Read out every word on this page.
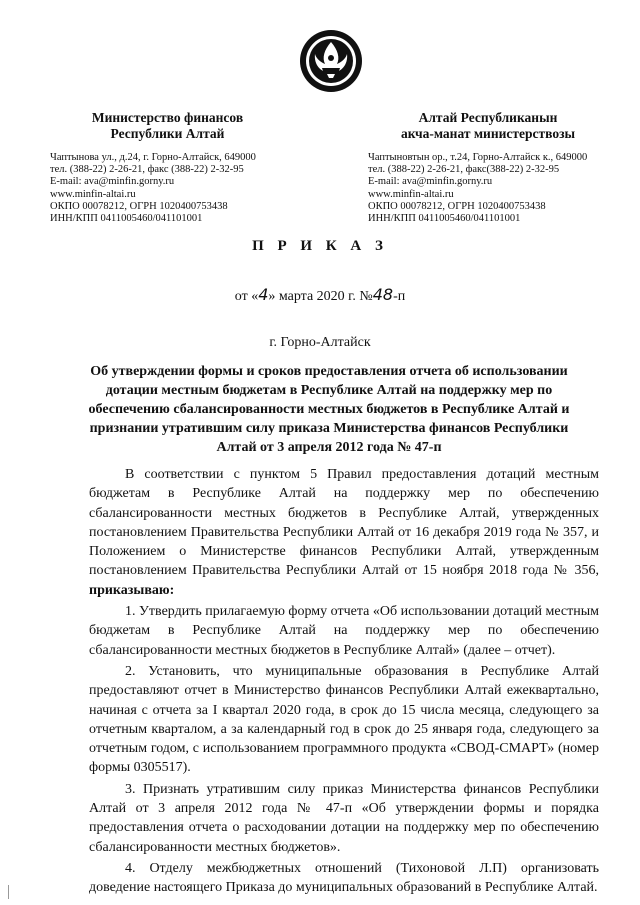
Министерство финансов
Республики Алтай
Чаптынова ул., д.24, г. Горно-Алтайск, 649000
тел. (388-22) 2-26-21, факс (388-22) 2-32-95
E-mail: ava@minfin.gorny.ru
www.minfin-altai.ru
ОКПО 00078212, ОГРН 1020400753438
ИНН/КПП 0411005460/041101001
Алтай Республиканын
акча-манат министерствозы
Чаптыновтын ор., т.24, Горно-Алтайск к., 649000
тел. (388-22) 2-26-21, факс(388-22) 2-32-95
E-mail: ava@minfin.gorny.ru
www.minfin-altai.ru
ОКПО 00078212, ОГРН 1020400753438
ИНН/КПП 0411005460/041101001
П Р И К А З
от «4» марта 2020 г. №48-п
г. Горно-Алтайск
Об утверждении формы и сроков предоставления отчета об использовании дотации местным бюджетам в Республике Алтай на поддержку мер по обеспечению сбалансированности местных бюджетов в Республике Алтай и признании утратившим силу приказа Министерства финансов Республики Алтай от 3 апреля 2012 года № 47-п

В соответствии с пунктом 5 Правил предоставления дотаций местным бюджетам в Республике Алтай на поддержку мер по обеспечению сбалансированности местных бюджетов в Республике Алтай, утвержденных постановлением Правительства Республики Алтай от 16 декабря 2019 года № 357, и Положением о Министерстве финансов Республики Алтай, утвержденным постановлением Правительства Республики Алтай от 15 ноября 2018 года № 356, приказываю:

1. Утвердить прилагаемую форму отчета «Об использовании дотаций местным бюджетам в Республике Алтай на поддержку мер по обеспечению сбалансированности местных бюджетов в Республике Алтай» (далее – отчет).

2. Установить, что муниципальные образования в Республике Алтай предоставляют отчет в Министерство финансов Республики Алтай ежеквартально, начиная с отчета за I квартал 2020 года, в срок до 15 числа месяца, следующего за отчетным кварталом, а за календарный год в срок до 25 января года, следующего за отчетным годом, с использованием программного продукта «СВОД-СМАРТ» (номер формы 0305517).

3. Признать утратившим силу приказ Министерства финансов Республики Алтай от 3 апреля 2012 года № 47-п «Об утверждении формы и порядка предоставления отчета о расходовании дотации на поддержку мер по обеспечению сбалансированности местных бюджетов».

4. Отделу межбюджетных отношений (Тихоновой Л.П) организовать доведение настоящего Приказа до муниципальных образований в Республике Алтай.
